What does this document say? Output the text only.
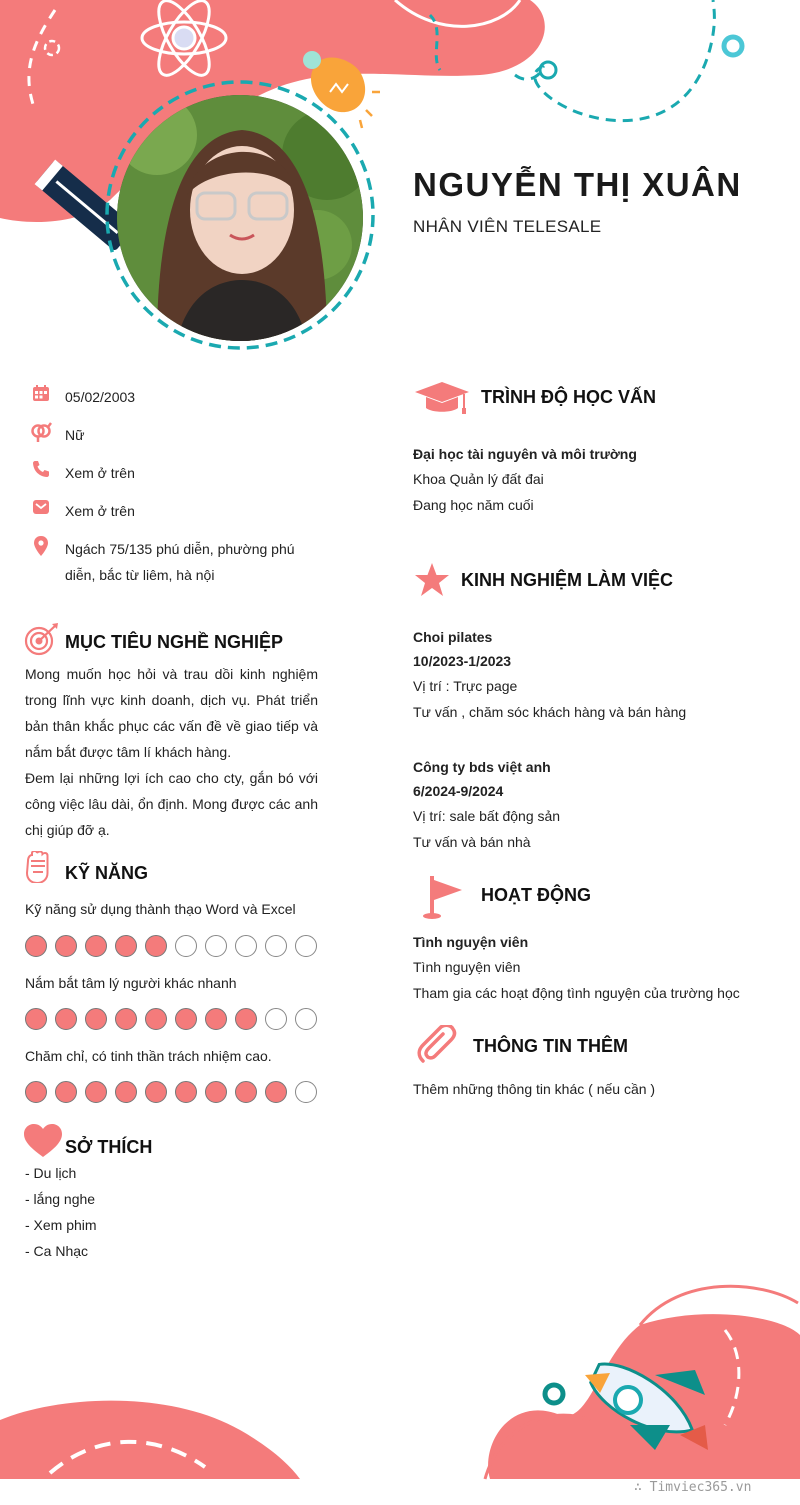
NGUYỄN THỊ XUÂN
NHÂN VIÊN TELESALE
05/02/2003
Nữ
Xem ở trên
Xem ở trên
Ngách 75/135 phú diễn, phường phú diễn, bắc từ liêm, hà nội
MỤC TIÊU NGHỀ NGHIỆP
Mong muốn học hỏi và trau dồi kinh nghiệm trong lĩnh vực kinh doanh, dịch vụ. Phát triển bản thân khắc phục các vấn đề về giao tiếp và nắm bắt được tâm lí khách hàng.
Đem lại những lợi ích cao cho cty, gắn bó với công việc lâu dài, ổn định. Mong được các anh chị giúp đỡ ạ.
KỸ NĂNG
Kỹ năng sử dụng thành thạo Word và Excel
Nắm bắt tâm lý người khác nhanh
Chăm chỉ, có tinh thần trách nhiệm cao.
SỞ THÍCH
- Du lịch
- lắng nghe
- Xem phim
- Ca Nhạc
TRÌNH ĐỘ HỌC VẤN
Đại học tài nguyên và môi trường
Khoa Quản lý đất đai
Đang học năm cuối
KINH NGHIỆM LÀM VIỆC
Choi pilates
10/2023-1/2023
Vị trí : Trực page
Tư vấn , chăm sóc khách hàng và bán hàng
Công ty bds việt anh
6/2024-9/2024
Vị trí: sale bất động sản
Tư vấn và bán nhà
HOẠT ĐỘNG
Tình nguyện viên
Tình nguyện viên
Tham gia các hoạt động tình nguyện của trường học
THÔNG TIN THÊM
Thêm những thông tin khác ( nếu cần )
∴ Timviec365.vn
